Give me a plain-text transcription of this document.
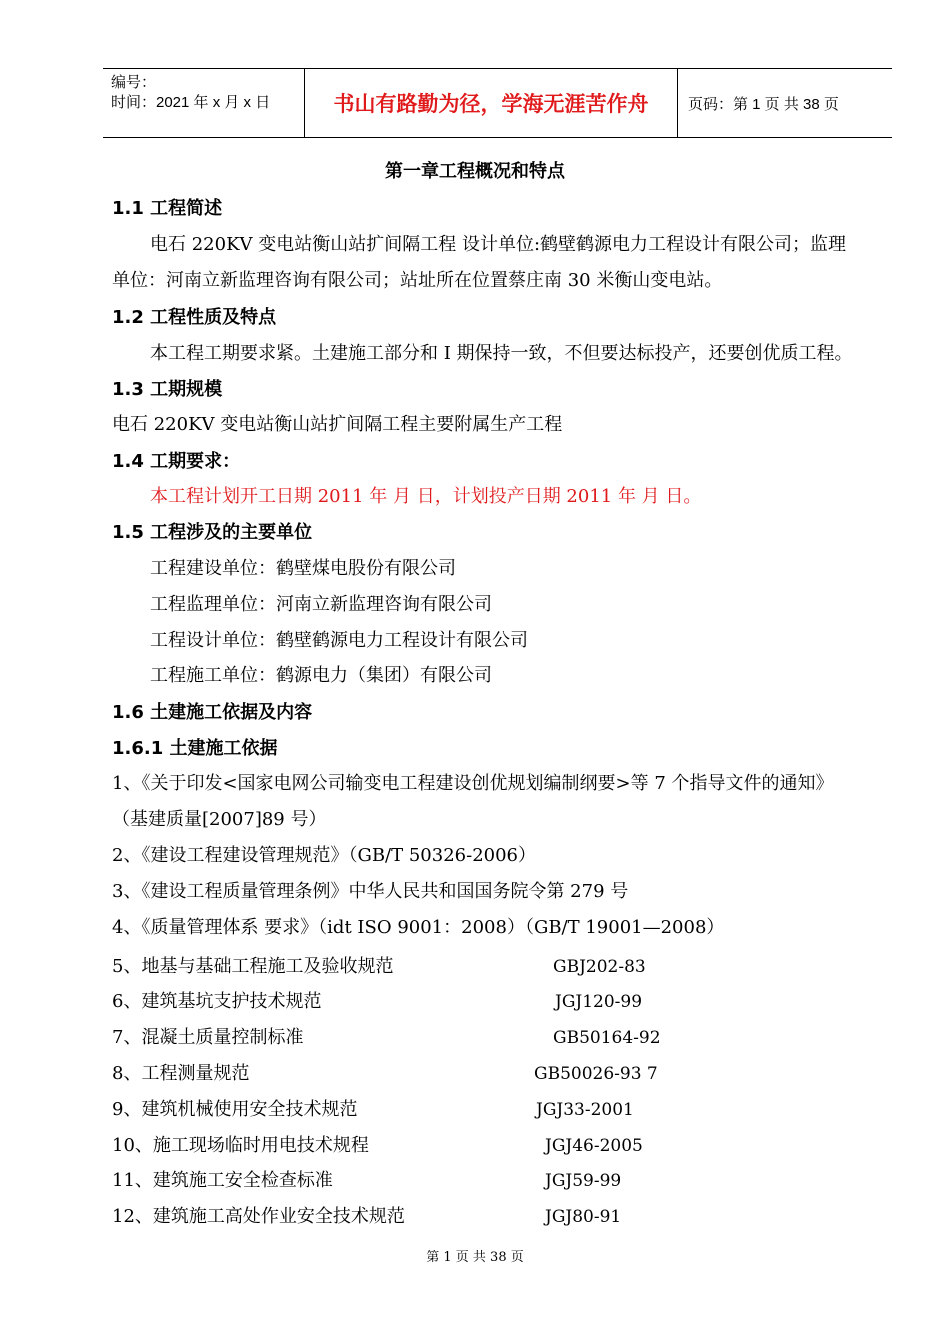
编号：
时间：2021 年 x 月 x 日	书山有路勤为径，学海无涯苦作舟	页码：第 1 页 共 38 页
第一章工程概况和特点
1.1 工程简述
电石 220KV 变电站衡山站扩间隔工程 设计单位:鹤壁鹤源电力工程设计有限公司；监理
单位：河南立新监理咨询有限公司；站址所在位置蔡庄南 30 米衡山变电站。
1.2 工程性质及特点
本工程工期要求紧。土建施工部分和 I 期保持一致，不但要达标投产，还要创优质工程。
1.3 工期规模
电石 220KV 变电站衡山站扩间隔工程主要附属生产工程
1.4 工期要求：
本工程计划开工日期 2011 年 月 日，计划投产日期 2011 年 月 日。
1.5 工程涉及的主要单位
工程建设单位：鹤壁煤电股份有限公司
工程监理单位：河南立新监理咨询有限公司
工程设计单位：鹤壁鹤源电力工程设计有限公司
工程施工单位：鹤源电力（集团）有限公司
1.6 土建施工依据及内容
1.6.1 土建施工依据
1、《关于印发<国家电网公司输变电工程建设创优规划编制纲要>等 7 个指导文件的通知》
（基建质量[2007]89 号）
2、《建设工程建设管理规范》（GB/T 50326-2006）
3、《建设工程质量管理条例》中华人民共和国国务院令第 279 号
4、《质量管理体系 要求》（idt ISO 9001：2008）（GB/T 19001—2008）
5、地基与基础工程施工及验收规范	GBJ202-83
6、建筑基坑支护技术规范	JGJ120-99
7、混凝土质量控制标准	GB50164-92
8、工程测量规范	GB50026-93 7
9、建筑机械使用安全技术规范	JGJ33-2001
10、施工现场临时用电技术规程	JGJ46-2005
11、建筑施工安全检查标准	JGJ59-99
12、建筑施工高处作业安全技术规范	JGJ80-91
第 1 页 共 38 页
